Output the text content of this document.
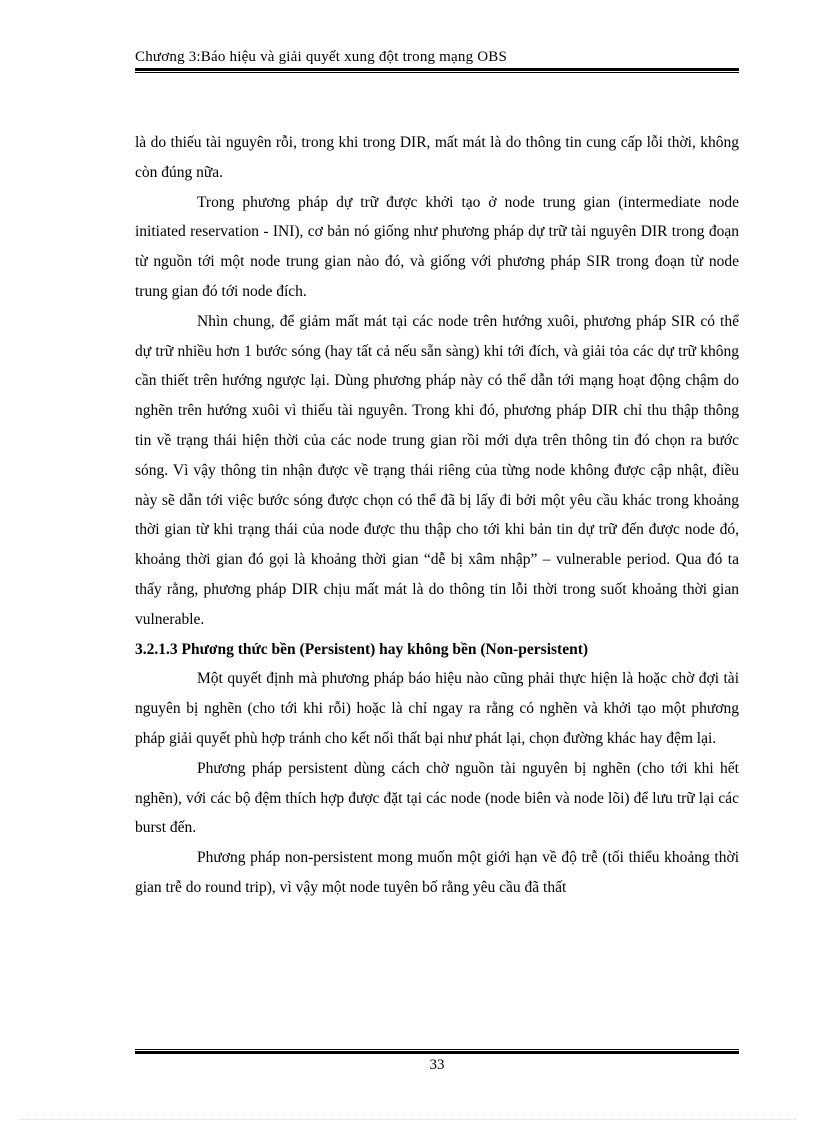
Chương 3:Báo hiệu và giải quyết xung đột trong mạng OBS

là do thiếu tài nguyên rỗi, trong khi trong DIR, mất mát là do thông tin cung cấp lỗi thời, không còn đúng nữa.

Trong phương pháp dự trữ được khởi tạo ở node trung gian (intermediate node initiated reservation - INI), cơ bản nó giống như phương pháp dự trữ tài nguyên DIR trong đoạn từ nguồn tới một node trung gian nào đó, và giống với phương pháp SIR trong đoạn từ node trung gian đó tới node đích.

Nhìn chung, để giảm mất mát tại các node trên hướng xuôi, phương pháp SIR có thể dự trữ nhiều hơn 1 bước sóng (hay tất cả nếu sẵn sàng) khi tới đích, và giải tỏa các dự trữ không cần thiết trên hướng ngược lại. Dùng phương pháp này có thể dẫn tới mạng hoạt động chậm do nghẽn trên hướng xuôi vì thiếu tài nguyên. Trong khi đó, phương pháp DIR chỉ thu thập thông tin về trạng thái hiện thời của các node trung gian rồi mới dựa trên thông tin đó chọn ra bước sóng. Vì vậy thông tin nhận được về trạng thái riêng của từng node không được cập nhật, điều này sẽ dẫn tới việc bước sóng được chọn có thể đã bị lấy đi bởi một yêu cầu khác trong khoảng thời gian từ khi trạng thái của node được thu thập cho tới khi bản tin dự trữ đến được node đó, khoảng thời gian đó gọi là khoảng thời gian “dễ bị xâm nhập” – vulnerable period. Qua đó ta thấy rằng, phương pháp DIR chịu mất mát là do thông tin lỗi thời trong suốt khoảng thời gian vulnerable.

3.2.1.3 Phương thức bền (Persistent) hay không bền (Non-persistent)

Một quyết định mà phương pháp báo hiệu nào cũng phải thực hiện là hoặc chờ đợi tài nguyên bị nghẽn (cho tới khi rỗi) hoặc là chỉ ngay ra rằng có nghẽn và khởi tạo một phương pháp giải quyết phù hợp tránh cho kết nối thất bại như phát lại, chọn đường khác hay đệm lại.

Phương pháp persistent dùng cách chờ nguồn tài nguyên bị nghẽn (cho tới khi hết nghẽn), với các bộ đệm thích hợp được đặt tại các node (node biên và node lõi) để lưu trữ lại các burst đến.

Phương pháp non-persistent mong muốn một giới hạn về độ trễ (tối thiểu khoảng thời gian trễ do round trip), vì vậy một node tuyên bố rằng yêu cầu đã thất

33
